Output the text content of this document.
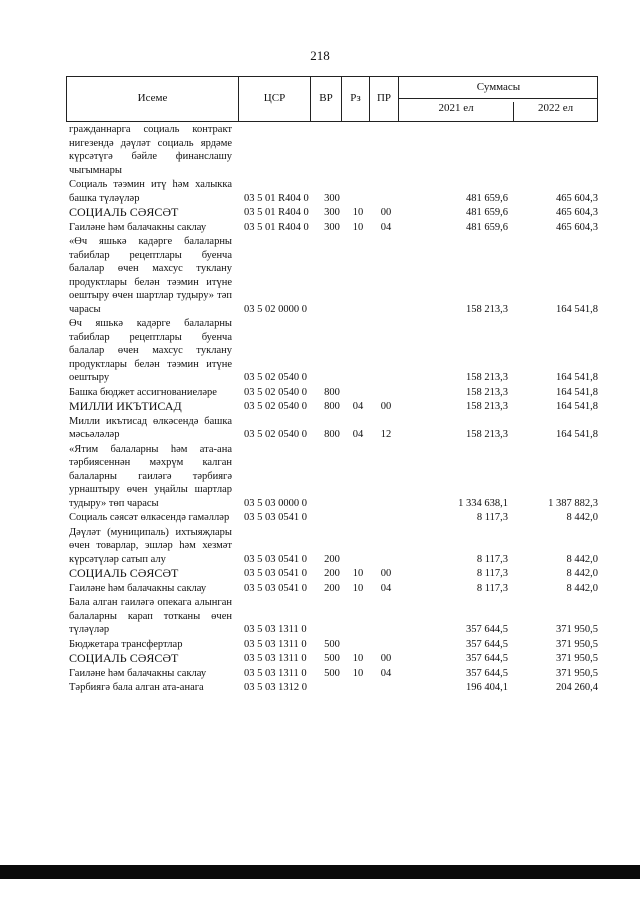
218
Исеме	ЦСР	ВР	Рз	ПР
Суммасы
2021 ел	2022 ел
гражданнарга социаль контракт нигезендә дәүләт социаль ярдәме күрсәтүгә бәйле финанслашу чыгымнары
Социаль тәэмин итү һәм халыкка башка түләүләр	03 5 01 R404 0	300	481 659,6	465 604,3
СОЦИАЛЬ СӘЯСӘТ	03 5 01 R404 0	300	10	00	481 659,6	465 604,3
Гаиләне һәм балачакны саклау	03 5 01 R404 0	300	10	04	481 659,6	465 604,3
«Өч яшькә кадәрге балаларны табиблар рецептлары буенча балалар өчен махсус туклану продуктлары белән тәэмин итүне оештыру өчен шартлар тудыру» тәп чарасы	03 5 02 0000 0	158 213,3	164 541,8
Өч яшькә кадәрге балаларны табиблар рецептлары буенча балалар өчен махсус туклану продуктлары белән тәэмин итүне оештыру	03 5 02 0540 0	158 213,3	164 541,8
Башка бюджет ассигнованиеләре	03 5 02 0540 0	800	158 213,3	164 541,8
МИЛЛИ ИКЪТИСАД	03 5 02 0540 0	800	04	00	158 213,3	164 541,8
Милли икътисад өлкәсендә башка мәсьәләләр	03 5 02 0540 0	800	04	12	158 213,3	164 541,8
«Ятим балаларны һәм ата-ана тәрбиясеннән мәхрүм калган балаларны гаиләгә тәрбиягә урнаштыру өчен уңайлы шартлар тудыру» төп чарасы	03 5 03 0000 0	1 334 638,1	1 387 882,3
Социаль сәясәт өлкәсендә гамәлләр	03 5 03 0541 0	8 117,3	8 442,0
Дәүләт (муниципаль) ихтыяҗлары өчен товарлар, эшләр һәм хезмәт күрсәтүләр сатып алу	03 5 03 0541 0	200	8 117,3	8 442,0
СОЦИАЛЬ СӘЯСӘТ	03 5 03 0541 0	200	10	00	8 117,3	8 442,0
Гаиләне һәм балачакны саклау	03 5 03 0541 0	200	10	04	8 117,3	8 442,0
Бала алган гаиләгә опекага алынган балаларны карап тотканы өчен түләүләр	03 5 03 1311 0	357 644,5	371 950,5
Бюджетара трансфертлар	03 5 03 1311 0	500	357 644,5	371 950,5
СОЦИАЛЬ СӘЯСӘТ	03 5 03 1311 0	500	10	00	357 644,5	371 950,5
Гаиләне һәм балачакны саклау	03 5 03 1311 0	500	10	04	357 644,5	371 950,5
Тәрбиягә бала алган ата-анага	03 5 03 1312 0	196 404,1	204 260,4
